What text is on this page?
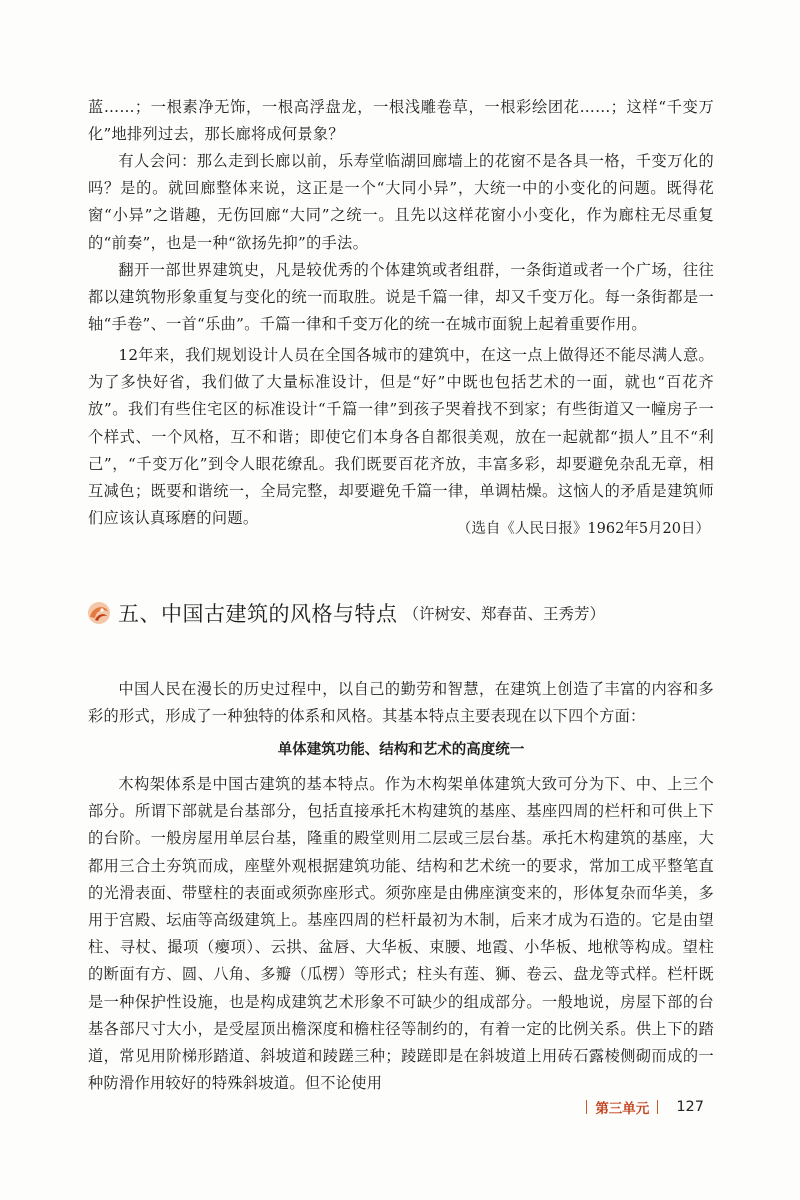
蓝……；一根素净无饰，一根高浮盘龙，一根浅雕卷草，一根彩绘团花……；这样“千变万化”地排列过去，那长廊将成何景象？

有人会问：那么走到长廊以前，乐寿堂临湖回廊墙上的花窗不是各具一格，千变万化的吗？是的。就回廊整体来说，这正是一个“大同小异”，大统一中的小变化的问题。既得花窗“小异”之谐趣，无伤回廊“大同”之统一。且先以这样花窗小小变化，作为廊柱无尽重复的“前奏”，也是一种“欲扬先抑”的手法。

翻开一部世界建筑史，凡是较优秀的个体建筑或者组群，一条街道或者一个广场，往往都以建筑物形象重复与变化的统一而取胜。说是千篇一律，却又千变万化。每一条街都是一轴“手卷”、一首“乐曲”。千篇一律和千变万化的统一在城市面貌上起着重要作用。

12年来，我们规划设计人员在全国各城市的建筑中，在这一点上做得还不能尽满人意。为了多快好省，我们做了大量标准设计，但是“好”中既也包括艺术的一面，就也“百花齐放”。我们有些住宅区的标准设计“千篇一律”到孩子哭着找不到家；有些街道又一幢房子一个样式、一个风格，互不和谐；即使它们本身各自都很美观，放在一起就都“损人”且不“利己”，“千变万化”到令人眼花缭乱。我们既要百花齐放，丰富多彩，却要避免杂乱无章，相互减色；既要和谐统一，全局完整，却要避免千篇一律，单调枯燥。这恼人的矛盾是建筑师们应该认真琢磨的问题。

（选自《人民日报》1962年5月20日）

五、中国古建筑的风格与特点 （许树安、郑春苗、王秀芳）

中国人民在漫长的历史过程中，以自己的勤劳和智慧，在建筑上创造了丰富的内容和多彩的形式，形成了一种独特的体系和风格。其基本特点主要表现在以下四个方面：

单体建筑功能、结构和艺术的高度统一

木构架体系是中国古建筑的基本特点。作为木构架单体建筑大致可分为下、中、上三个部分。所谓下部就是台基部分，包括直接承托木构建筑的基座、基座四周的栏杆和可供上下的台阶。一般房屋用单层台基，隆重的殿堂则用二层或三层台基。承托木构建筑的基座，大都用三合土夯筑而成，座壁外观根据建筑功能、结构和艺术统一的要求，常加工成平整笔直的光滑表面、带壁柱的表面或须弥座形式。须弥座是由佛座演变来的，形体复杂而华美，多用于宫殿、坛庙等高级建筑上。基座四周的栏杆最初为木制，后来才成为石造的。它是由望柱、寻杖、撮项（瘿项）、云拱、盆唇、大华板、束腰、地霞、小华板、地栿等构成。望柱的断面有方、圆、八角、多瓣（瓜楞）等形式；柱头有莲、狮、卷云、盘龙等式样。栏杆既是一种保护性设施，也是构成建筑艺术形象不可缺少的组成部分。一般地说，房屋下部的台基各部尺寸大小，是受屋顶出檐深度和檐柱径等制约的，有着一定的比例关系。供上下的踏道，常见用阶梯形踏道、斜坡道和踜蹉三种；踜蹉即是在斜坡道上用砖石露棱侧砌而成的一种防滑作用较好的特殊斜坡道。但不论使用

第三单元 127
